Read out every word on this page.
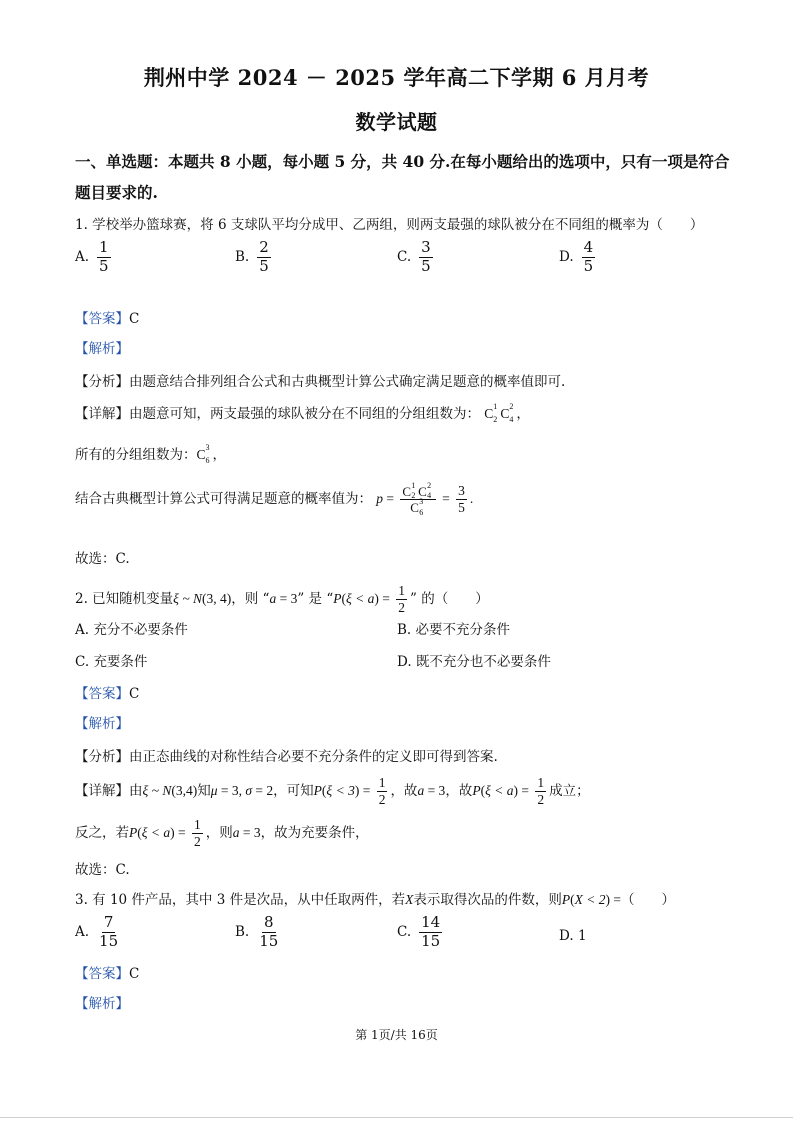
荆州中学 2024 － 2025 学年高二下学期 6 月月考
数学试题
一、单选题：本题共 8 小题，每小题 5 分，共 40 分.在每小题给出的选项中，只有一项是符合
题目要求的.
1. 学校举办篮球赛，将 6 支球队平均分成甲、乙两组，则两支最强的球队被分在不同组的概率为（　　）
A. $\frac{1}{5}$	B. $\frac{2}{5}$	C. $\frac{3}{5}$	D. $\frac{4}{5}$
【答案】C
【解析】
【分析】由题意结合排列组合公式和古典概型计算公式确定满足题意的概率值即可.
【详解】由题意可知，两支最强的球队被分在不同组的分组组数为： C 1
2 C 2
4 ，
所有的分组组数为：C 3
6 ，
结合古典概型计算公式可得满足题意的概率值为： p = C 1
2 C 2
4
C 3
$6 = \frac{3}{5}$ .
故选：C.
2. 已知随机变量ξ ~ N(3, 4)，则 “a = 3” 是 “$P(\xi < a) = \frac{1}{2}$ ” 的（　　）
A. 充分不必要条件	B. 必要不充分条件
C. 充要条件	D. 既不充分也不必要条件
【答案】C
【解析】
【分析】由正态曲线的对称性结合必要不充分条件的定义即可得到答案.
【详解】由ξ ~ N(3,4)知μ = 3, σ = 2，可知$P(\xi < 3) = \frac{1}{2}$ ，故a = 3，故$P(\xi < a) = \frac{1}{2}$ 成立；
反之，若$P(\xi < a) = \frac{1}{2}$ ，则a = 3，故为充要条件，
故选：C.
3. 有 10 件产品，其中 3 件是次品，从中任取两件，若X表示取得次品的件数，则P(X < 2) =（　　）
A. $\frac{7}{15}$	B. $\frac{8}{15}$	C. $\frac{14}{15}$	D. 1
【答案】C
【解析】
第 1页/共 16页
